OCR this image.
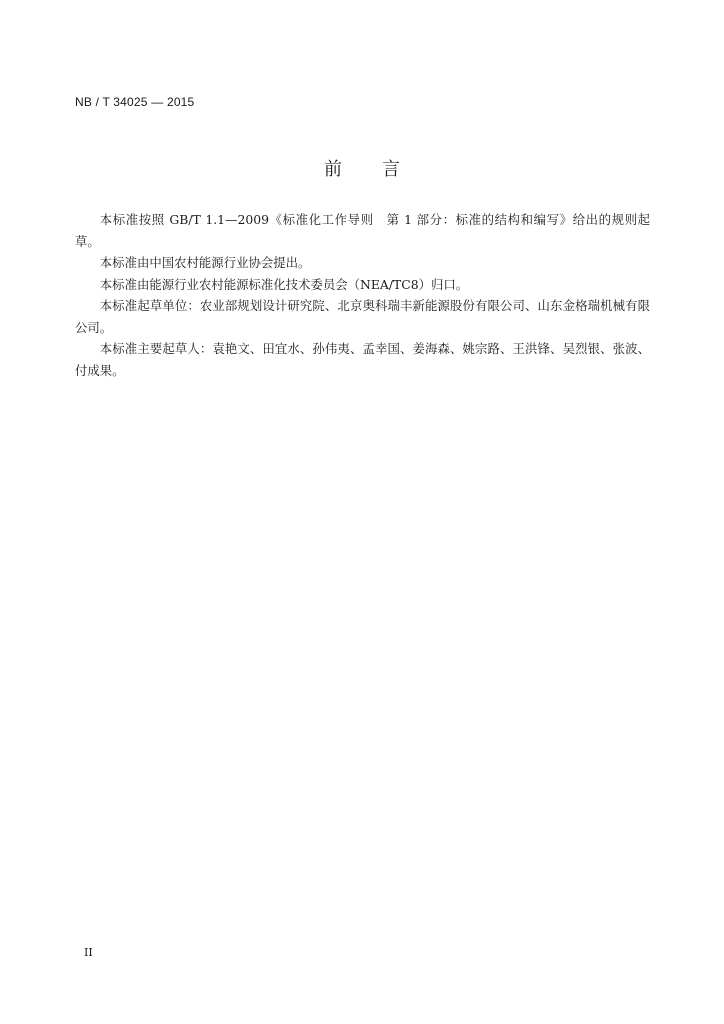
NB / T 34025 — 2015
前言

本标准按照 GB/T 1.1—2009《标准化工作导则　第 1 部分：标准的结构和编写》给出的规则起草。

本标准由中国农村能源行业协会提出。

本标准由能源行业农村能源标准化技术委员会（NEA/TC8）归口。

本标准起草单位：农业部规划设计研究院、北京奥科瑞丰新能源股份有限公司、山东金格瑞机械有限公司。

本标准主要起草人：袁艳文、田宜水、孙伟夷、孟幸国、姜海森、姚宗路、王洪锋、吴烈银、张波、付成果。

II
